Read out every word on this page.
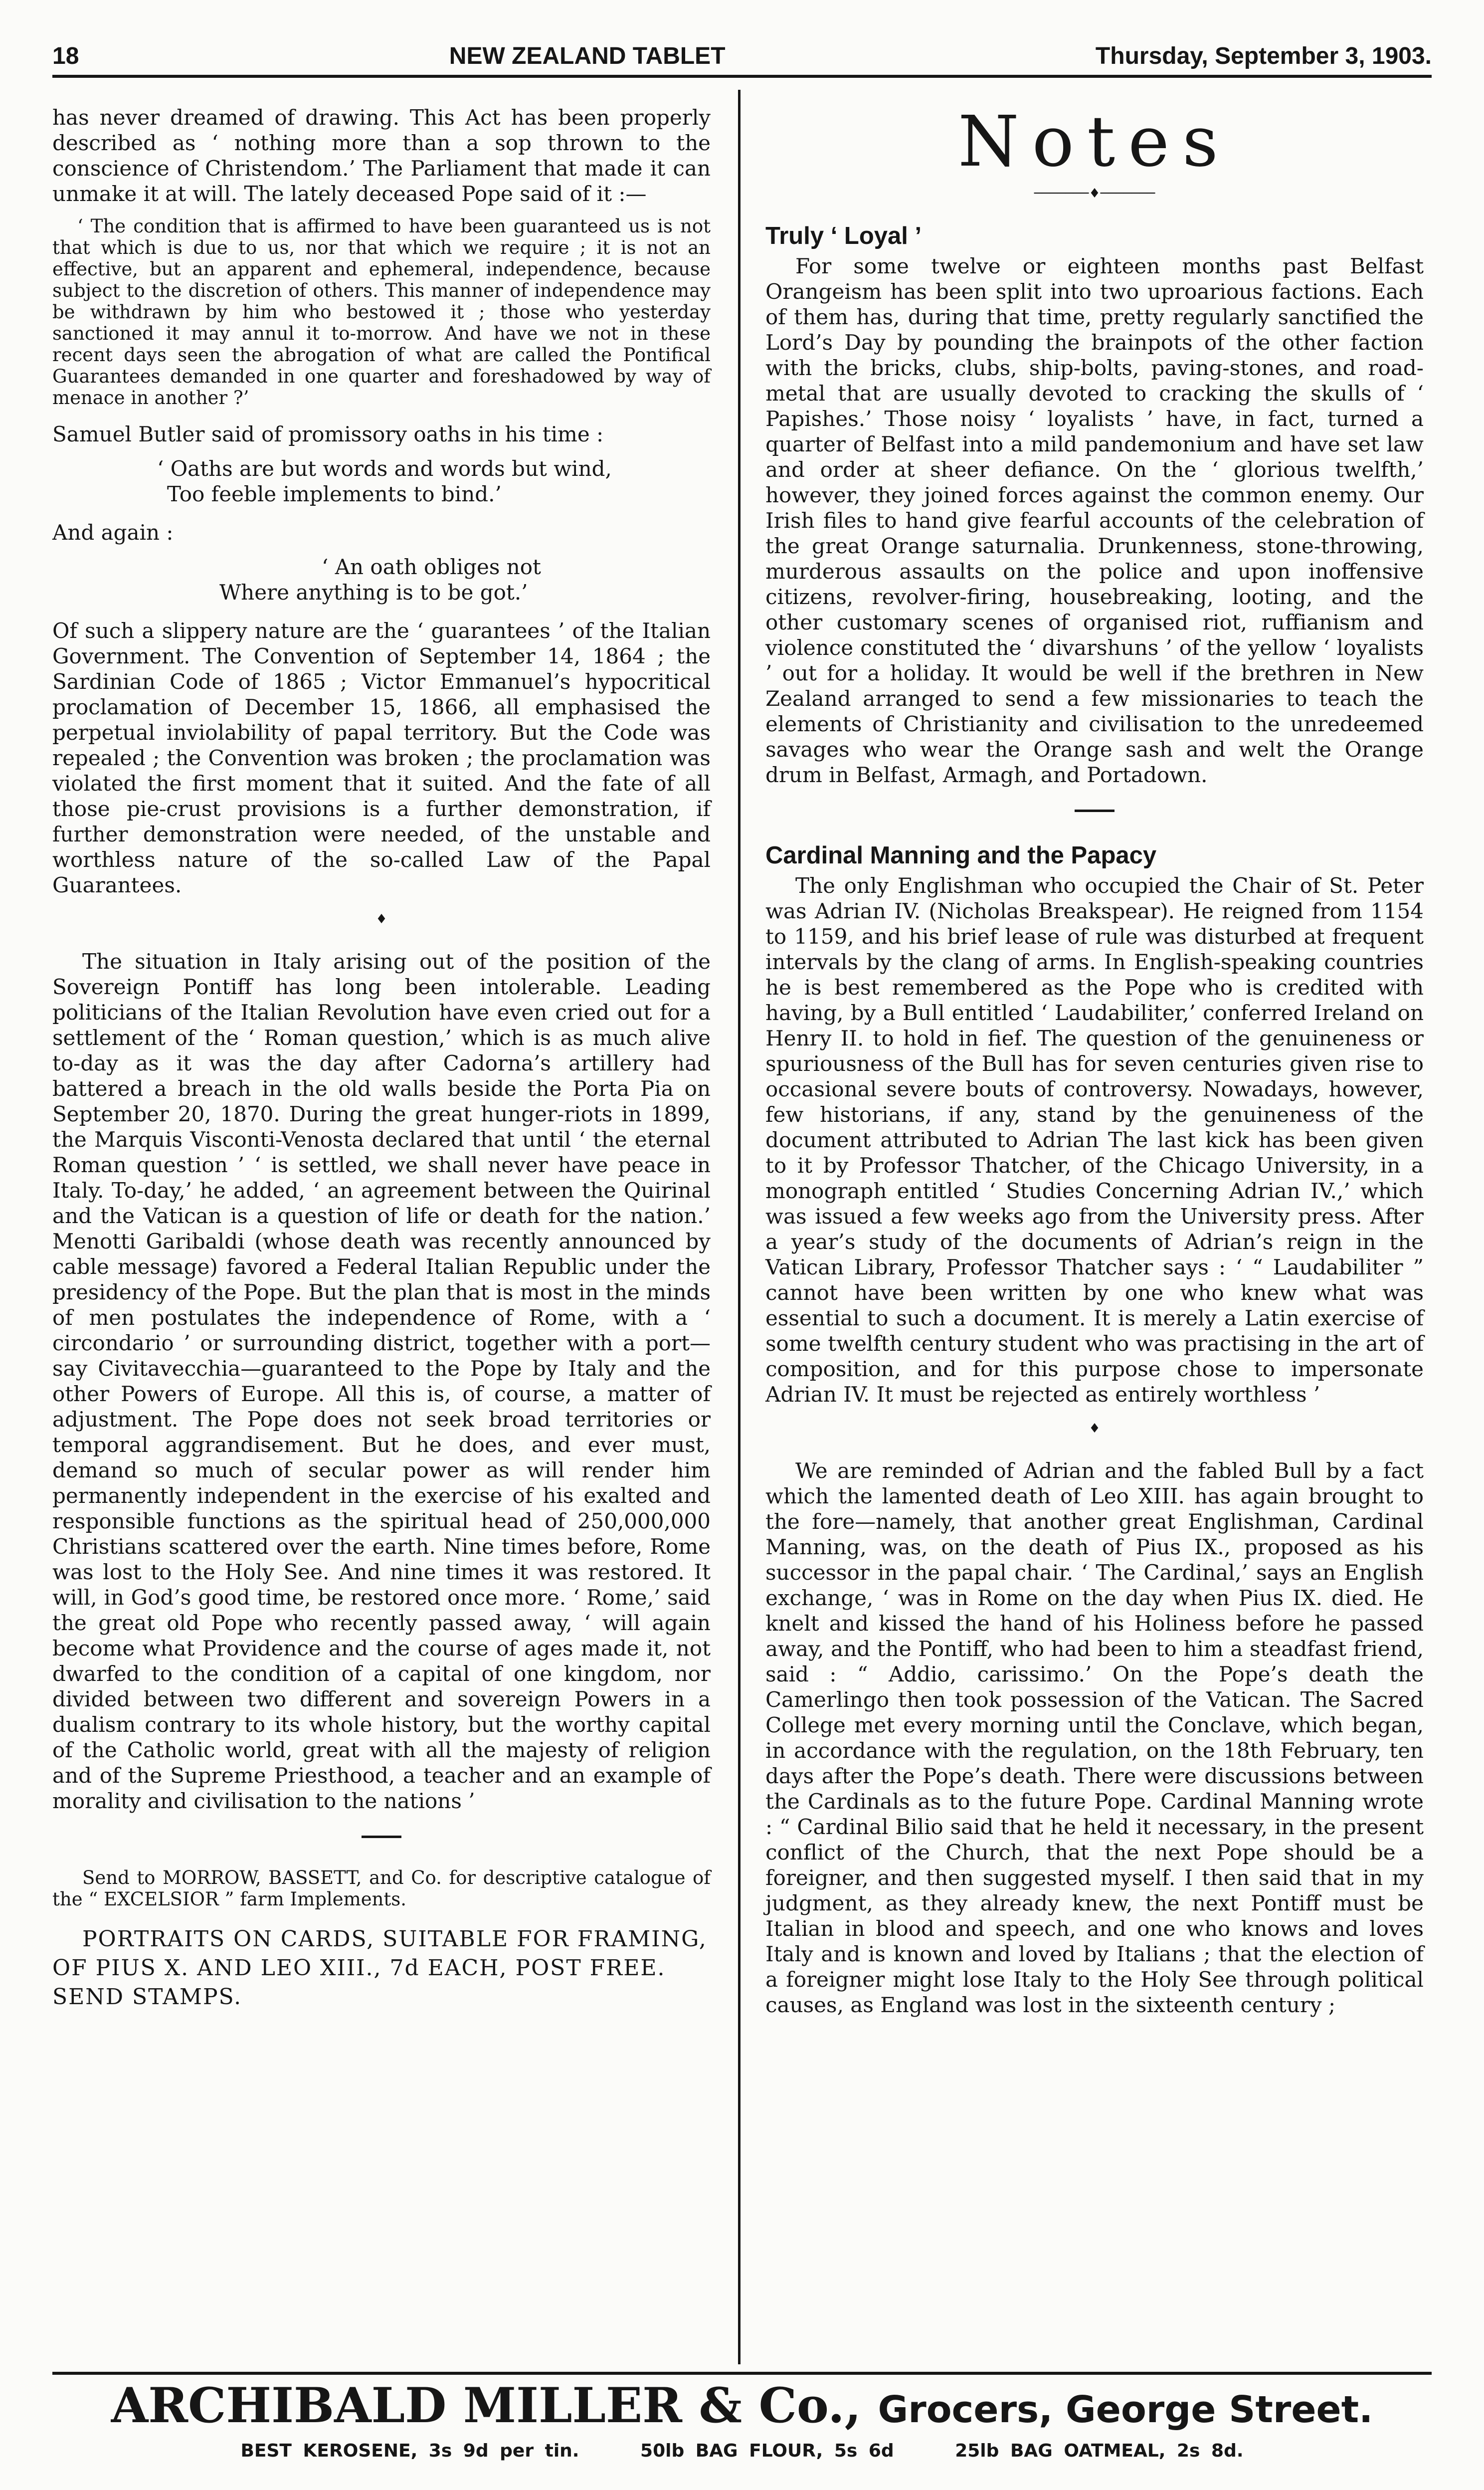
18	NEW ZEALAND TABLET	Thursday, September 3, 1903.

has never dreamed of drawing. This Act has been properly described as ‘ nothing more than a sop thrown to the conscience of Christendom.’ The Parliament that made it can unmake it at will. The lately deceased Pope said of it :—

‘ The condition that is affirmed to have been guaranteed us is not that which is due to us, nor that which we require ; it is not an effective, but an apparent and ephemeral, independence, because subject to the discretion of others. This manner of independence may be withdrawn by him who bestowed it ; those who yesterday sanctioned it may annul it to-morrow. And have we not in these recent days seen the abrogation of what are called the Pontifical Guarantees demanded in one quarter and foreshadowed by way of menace in another ?’

Samuel Butler said of promissory oaths in his time :

‘ Oaths are but words and words but wind,
Too feeble implements to bind.’

And again :

‘ An oath obliges not
Where anything is to be got.’

Of such a slippery nature are the ‘ guarantees ’ of the Italian Government. The Convention of September 14, 1864 ; the Sardinian Code of 1865 ; Victor Emmanuel’s hypocritical proclamation of December 15, 1866, all emphasised the perpetual inviolability of papal territory. But the Code was repealed ; the Convention was broken ; the proclamation was violated the first moment that it suited. And the fate of all those pie-crust provisions is a further demonstration, if further demonstration were needed, of the unstable and worthless nature of the so-called Law of the Papal Guarantees.

♦

The situation in Italy arising out of the position of the Sovereign Pontiff has long been intolerable. Leading politicians of the Italian Revolution have even cried out for a settlement of the ‘ Roman question,’ which is as much alive to-day as it was the day after Cadorna’s artillery had battered a breach in the old walls beside the Porta Pia on September 20, 1870. During the great hunger-riots in 1899, the Marquis Visconti-Venosta declared that until ‘ the eternal Roman question ’ ‘ is settled, we shall never have peace in Italy. To-day,’ he added, ‘ an agreement between the Quirinal and the Vatican is a question of life or death for the nation.’ Menotti Garibaldi (whose death was recently announced by cable message) favored a Federal Italian Republic under the presidency of the Pope. But the plan that is most in the minds of men postulates the independence of Rome, with a ‘ circondario ’ or surrounding district, together with a port—say Civitavecchia—guaranteed to the Pope by Italy and the other Powers of Europe. All this is, of course, a matter of adjustment. The Pope does not seek broad territories or temporal aggrandisement. But he does, and ever must, demand so much of secular power as will render him permanently independent in the exercise of his exalted and responsible functions as the spiritual head of 250,000,000 Christians scattered over the earth. Nine times before, Rome was lost to the Holy See. And nine times it was restored. It will, in God’s good time, be restored once more. ‘ Rome,’ said the great old Pope who recently passed away, ‘ will again become what Providence and the course of ages made it, not dwarfed to the condition of a capital of one kingdom, nor divided between two different and sovereign Powers in a dualism contrary to its whole history, but the worthy capital of the Catholic world, great with all the majesty of religion and of the Supreme Priesthood, a teacher and an example of morality and civilisation to the nations ’

Send to MORROW, BASSETT, and Co. for descriptive catalogue of the “ EXCELSIOR ” farm Implements.

PORTRAITS ON CARDS, SUITABLE FOR FRAMING, OF PIUS X. AND LEO XIII., 7d EACH, POST FREE. SEND STAMPS.

Notes
───────♦───────
Truly ‘ Loyal ’

For some twelve or eighteen months past Belfast Orangeism has been split into two uproarious factions. Each of them has, during that time, pretty regularly sanctified the Lord’s Day by pounding the brainpots of the other faction with the bricks, clubs, ship-bolts, paving-stones, and road-metal that are usually devoted to cracking the skulls of ‘ Papishes.’ Those noisy ‘ loyalists ’ have, in fact, turned a quarter of Belfast into a mild pandemonium and have set law and order at sheer defiance. On the ‘ glorious twelfth,’ however, they joined forces against the common enemy. Our Irish files to hand give fearful accounts of the celebration of the great Orange saturnalia. Drunkenness, stone-throwing, murderous assaults on the police and upon inoffensive citizens, revolver-firing, housebreaking, looting, and the other customary scenes of organised riot, ruffianism and violence constituted the ‘ divarshuns ’ of the yellow ‘ loyalists ’ out for a holiday. It would be well if the brethren in New Zealand arranged to send a few missionaries to teach the elements of Christianity and civilisation to the unredeemed savages who wear the Orange sash and welt the Orange drum in Belfast, Armagh, and Portadown.

Cardinal Manning and the Papacy

The only Englishman who occupied the Chair of St. Peter was Adrian IV. (Nicholas Breakspear). He reigned from 1154 to 1159, and his brief lease of rule was disturbed at frequent intervals by the clang of arms. In English-speaking countries he is best remembered as the Pope who is credited with having, by a Bull entitled ‘ Laudabiliter,’ conferred Ireland on Henry II. to hold in fief. The question of the genuineness or spuriousness of the Bull has for seven centuries given rise to occasional severe bouts of controversy. Nowadays, however, few historians, if any, stand by the genuineness of the document attributed to Adrian The last kick has been given to it by Professor Thatcher, of the Chicago University, in a monograph entitled ‘ Studies Concerning Adrian IV.,’ which was issued a few weeks ago from the University press. After a year’s study of the documents of Adrian’s reign in the Vatican Library, Professor Thatcher says : ‘ “ Laudabiliter ” cannot have been written by one who knew what was essential to such a document. It is merely a Latin exercise of some twelfth century student who was practising in the art of composition, and for this purpose chose to impersonate Adrian IV. It must be rejected as entirely worthless ’

♦

We are reminded of Adrian and the fabled Bull by a fact which the lamented death of Leo XIII. has again brought to the fore—namely, that another great Englishman, Cardinal Manning, was, on the death of Pius IX., proposed as his successor in the papal chair. ‘ The Cardinal,’ says an English exchange, ‘ was in Rome on the day when Pius IX. died. He knelt and kissed the hand of his Holiness before he passed away, and the Pontiff, who had been to him a steadfast friend, said : “ Addio, carissimo.’ On the Pope’s death the Camerlingo then took possession of the Vatican. The Sacred College met every morning until the Conclave, which began, in accordance with the regulation, on the 18th February, ten days after the Pope’s death. There were discussions between the Cardinals as to the future Pope. Cardinal Manning wrote : “ Cardinal Bilio said that he held it necessary, in the present conflict of the Church, that the next Pope should be a foreigner, and then suggested myself. I then said that in my judgment, as they already knew, the next Pontiff must be Italian in blood and speech, and one who knows and loves Italy and is known and loved by Italians ; that the election of a foreigner might lose Italy to the Holy See through political causes, as England was lost in the sixteenth century ;

ARCHIBALD MILLER & Co., Grocers, George Street.
BEST KEROSENE, 3s 9d per tin.	50lb BAG FLOUR, 5s 6d	25lb BAG OATMEAL, 2s 8d.
